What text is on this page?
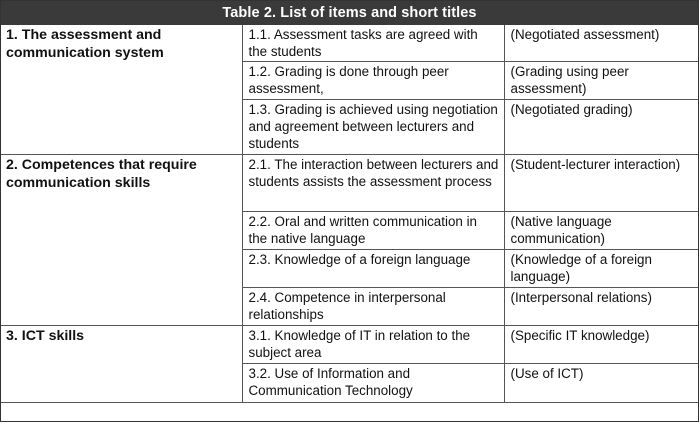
Table 2. List of items and short titles
1. The assessment and communication system	1.1. Assessment tasks are agreed with the students	(Negotiated assessment)
	1.2. Grading is done through peer assessment,	(Grading using peer assessment)
	1.3. Grading is achieved using negotiation and agreement between lecturers and students	(Negotiated grading)
2. Competences that require communication skills	2.1. The interaction between lecturers and students assists the assessment process	(Student-lecturer interaction)
	2.2. Oral and written communication in the native language	(Native language communication)
	2.3. Knowledge of a foreign language	(Knowledge of a foreign language)
	2.4. Competence in interpersonal relationships	(Interpersonal relations)
3. ICT skills	3.1. Knowledge of IT in relation to the subject area	(Specific IT knowledge)
	3.2. Use of Information and Communication Technology	(Use of ICT)
